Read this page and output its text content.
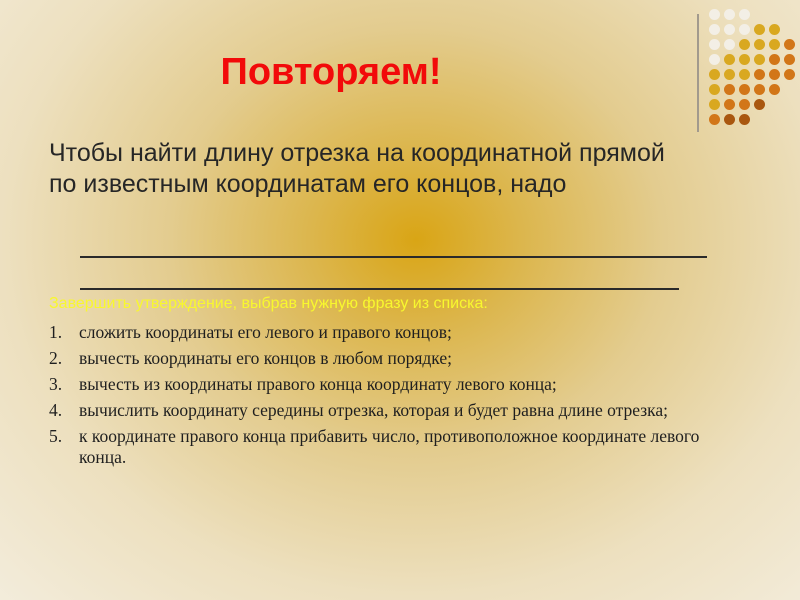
Повторяем!
Чтобы найти длину отрезка на координатной прямой по известным координатам его концов, надо
Завершить утверждение, выбрав нужную фразу из списка:
1. сложить координаты его левого и правого концов;
2. вычесть координаты его концов в любом порядке;
3. вычесть из координаты правого конца координату левого конца;
4. вычислить координату середины отрезка, которая и будет равна длине отрезка;
5. к координате правого конца прибавить число, противоположное координате левого конца.
